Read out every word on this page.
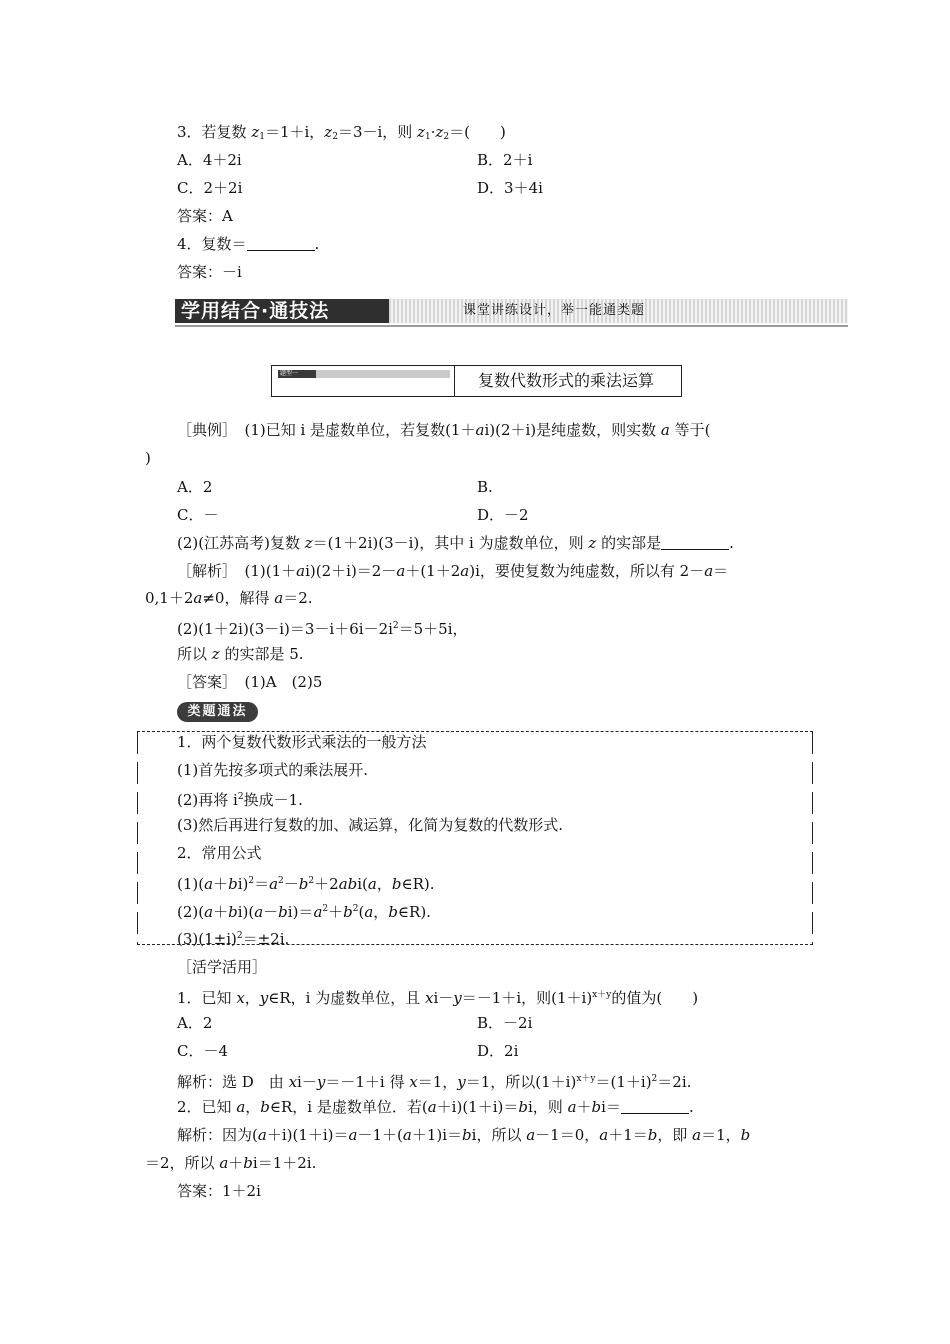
3．若复数 z1＝1＋i，z2＝3－i，则 z1·z2＝(　　)
A．4＋2i	B．2＋i
C．2＋2i	D．3＋4i
答案：A
4．复数＝	.
答案：－i
学用结合·通技法	课堂讲练设计，举一能通类题
题型一	复数代数形式的乘法运算
［典例］　(1)已知 i 是虚数单位，若复数(1＋ai)(2＋i)是纯虚数，则实数 a 等于(
)
A．2	B.
C．－	D．－2
(2)(江苏高考)复数 z＝(1＋2i)(3－i)，其中 i 为虚数单位，则 z 的实部是	.
［解析］　(1)(1＋ai)(2＋i)＝2－a＋(1＋2a)i，要使复数为纯虚数，所以有 2－a＝
0,1＋2a≠0，解得 a＝2.
$(2)(1+2i)(3-i)=3-i+6i-2i^2=5+5i$，
所以 z 的实部是 5.
［答案］　(1)A　(2)5
类题通法
1．两个复数代数形式乘法的一般方法
(1)首先按多项式的乘法展开.
(2)再将 $i^2$换成－1.
(3)然后再进行复数的加、减运算，化简为复数的代数形式.
2．常用公式
$(1)(a+bi)^2=a^2-b^2+2abi(a$，b∈R).
$(2)(a+bi)(a-bi)=a^2+b^2(a$，b∈R).
$(3)(1\pm i)^2=\pm 2i$.
［活学活用］
1．已知 x，y∈R，i 为虚数单位，且 xi－y＝－1＋i，则$(1+i)^{x+y}$的值为(　　)
A．2	B．－2i
C．－4	D．2i
解析：选 D　由 xi－y＝－1＋i 得 x＝1，y＝1，所以$(1+i)^{x+y}=(1+i)^2=2i$.
2．已知 a，b∈R，i 是虚数单位．若(a＋i)(1＋i)＝bi，则 a＋bi＝	.
解析：因为(a＋i)(1＋i)＝a－1＋(a＋1)i＝bi，所以 a－1＝0，a＋1＝b，即 a＝1，b
＝2，所以 a＋bi＝1＋2i.
答案：1＋2i
